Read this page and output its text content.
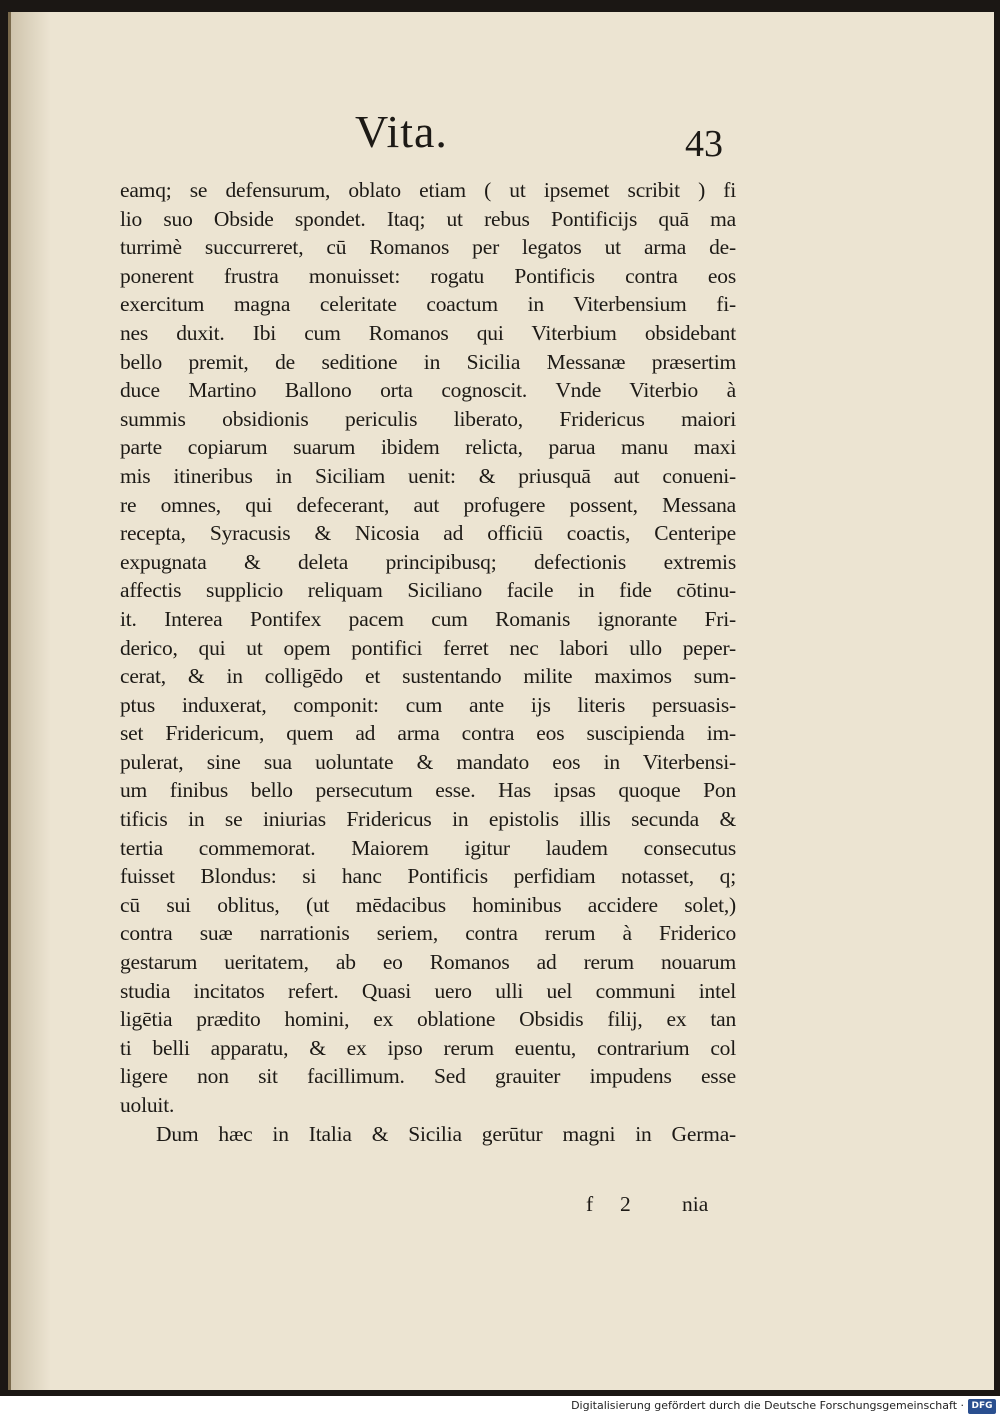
Vita.	43
eamq; se defensurum, oblato etiam ( ut ipsemet scribit ) fi
lio suo Obside spondet. Itaq; ut rebus Pontificijs quā ma
turrimè succurreret, cū Romanos per legatos ut arma de-
ponerent frustra monuisset: rogatu Pontificis contra eos
exercitum magna celeritate coactum in Viterbensium fi-
nes duxit. Ibi cum Romanos qui Viterbium obsidebant
bello premit, de seditione in Sicilia Messanæ præsertim
duce Martino Ballono orta cognoscit. Vnde Viterbio à
summis obsidionis periculis liberato, Fridericus maiori
parte copiarum suarum ibidem relicta, parua manu maxi
mis itineribus in Siciliam uenit: & priusquā aut conueni-
re omnes, qui defecerant, aut profugere possent, Messana
recepta, Syracusis & Nicosia ad officiū coactis, Centeripe
expugnata & deleta principibusq; defectionis extremis
affectis supplicio reliquam Siciliano facile in fide cōtinu-
it. Interea Pontifex pacem cum Romanis ignorante Fri-
derico, qui ut opem pontifici ferret nec labori ullo peper-
cerat, & in colligēdo et sustentando milite maximos sum-
ptus induxerat, componit: cum ante ijs literis persuasis-
set Fridericum, quem ad arma contra eos suscipienda im-
pulerat, sine sua uoluntate & mandato eos in Viterbensi-
um finibus bello persecutum esse. Has ipsas quoque Pon
tificis in se iniurias Fridericus in epistolis illis secunda &
tertia commemorat. Maiorem igitur laudem consecutus
fuisset Blondus: si hanc Pontificis perfidiam notasset, q;
cū sui oblitus, (ut mēdacibus hominibus accidere solet,)
contra suæ narrationis seriem, contra rerum à Friderico
gestarum ueritatem, ab eo Romanos ad rerum nouarum
studia incitatos refert. Quasi uero ulli uel communi intel
ligētia prædito homini, ex oblatione Obsidis filij, ex tan
ti belli apparatu, & ex ipso rerum euentu, contrarium col
ligere non sit facillimum. Sed grauiter impudens esse
uoluit.
Dum hæc in Italia & Sicilia gerūtur magni in Germa-
f 2 nia
Digitalisierung gefördert durch die Deutsche Forschungsgemeinschaft · DFG
